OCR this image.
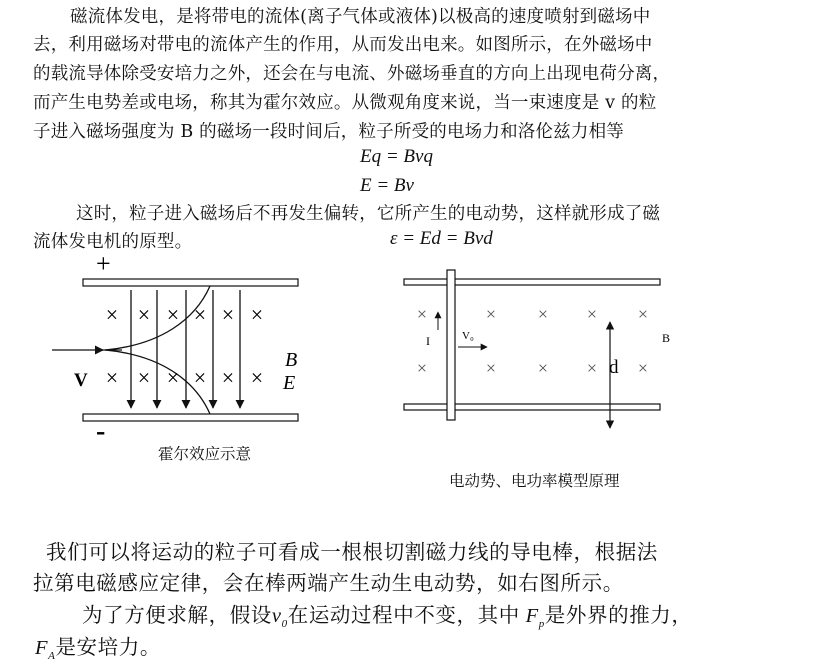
磁流体发电，是将带电的流体(离子气体或液体)以极高的速度喷射到磁场中
去，利用磁场对带电的流体产生的作用，从而发出电来。如图所示，在外磁场中
的载流导体除受安培力之外，还会在与电流、外磁场垂直的方向上出现电荷分离，
而产生电势差或电场，称其为霍尔效应。从微观角度来说，当一束速度是 v 的粒
子进入磁场强度为 B 的磁场一段时间后，粒子所受的电场力和洛伦兹力相等
Eq = Bvq
E = Bv
这时，粒子进入磁场后不再发生偏转，它所产生的电动势，这样就形成了磁
流体发电机的原型。	ε = Ed = Bvd
× × × × × ×
× × × × × ×
+
-
V
B
E
霍尔效应示意
I	V₀
d
B
×	× × × ×
×	× × × ×
电动势、电功率模型原理
我们可以将运动的粒子可看成一根根切割磁力线的导电棒，根据法
拉第电磁感应定律，会在棒两端产生动生电动势，如右图所示。
为了方便求解，假设$v_0$在运动过程中不变，其中 $F_p$是外界的推力，
$F_A$是安培力。
